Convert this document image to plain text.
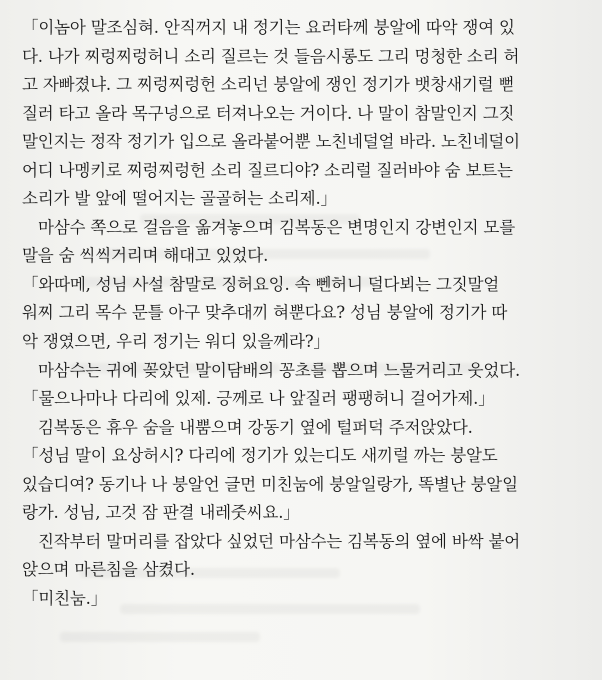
「이놈아 말조심혀. 안직꺼지 내 정기는 요러타께 붕알에 따악 쟁여 있
다. 나가 찌렁찌렁허니 소리 질르는 것 들음시롱도 그리 멍청한 소리 허
고 자빠졌냐. 그 찌렁찌렁헌 소리넌 붕알에 쟁인 정기가 뱃창새기럴 뻗
질러 타고 올라 목구넝으로 터져나오는 거이다. 나 말이 참말인지 그짓
말인지는 정작 정기가 입으로 올라붙어뿐 노친네덜얼 바라. 노친네덜이
어디 나멩키로 찌렁찌렁헌 소리 질르디야? 소리럴 질러바야 숨 보트는
소리가 발 앞에 떨어지는 골골허는 소리제.」
마삼수 쪽으로 걸음을 옮겨놓으며 김복동은 변명인지 강변인지 모를
말을 숨 씩씩거리며 해대고 있었다.
「와따메, 성님 사설 참말로 징허요잉. 속 뻰허니 덜다뵈는 그짓말얼
워찌 그리 목수 문틀 아구 맞추대끼 혀뿐다요? 성님 붕알에 정기가 따
악 쟁였으면, 우리 정기는 워디 있을께라?」
마삼수는 귀에 꽂았던 말이담배의 꽁초를 뽑으며 느물거리고 웃었다.
「물으나마나 다리에 있제. 긍께로 나 앞질러 팽팽허니 걸어가제.」
김복동은 휴우 숨을 내뿜으며 강동기 옆에 털퍼덕 주저앉았다.
「성님 말이 요상허시? 다리에 정기가 있는디도 새끼럴 까는 붕알도
있습디여? 동기나 나 붕알언 글먼 미친눔에 붕알일랑가, 똑별난 붕알일
랑가. 성님, 고것 잠 판결 내레줏씨요.」
진작부터 말머리를 잡았다 싶었던 마삼수는 김복동의 옆에 바싹 붙어
앉으며 마른침을 삼켰다.
「미친눔.」
